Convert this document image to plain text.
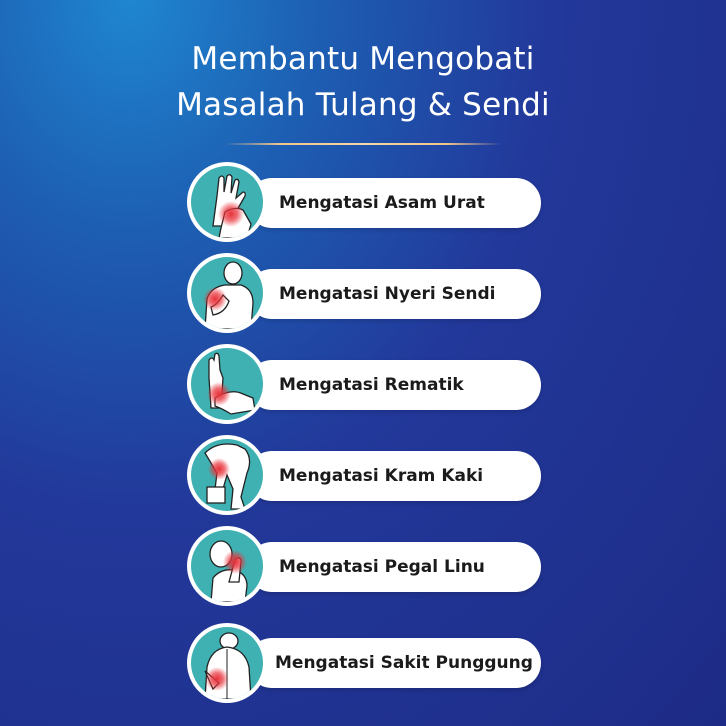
Membantu Mengobati
Masalah Tulang & Sendi
Mengatasi Asam Urat
Mengatasi Nyeri Sendi
Mengatasi Rematik
Mengatasi Kram Kaki
Mengatasi Pegal Linu
Mengatasi Sakit Punggung
